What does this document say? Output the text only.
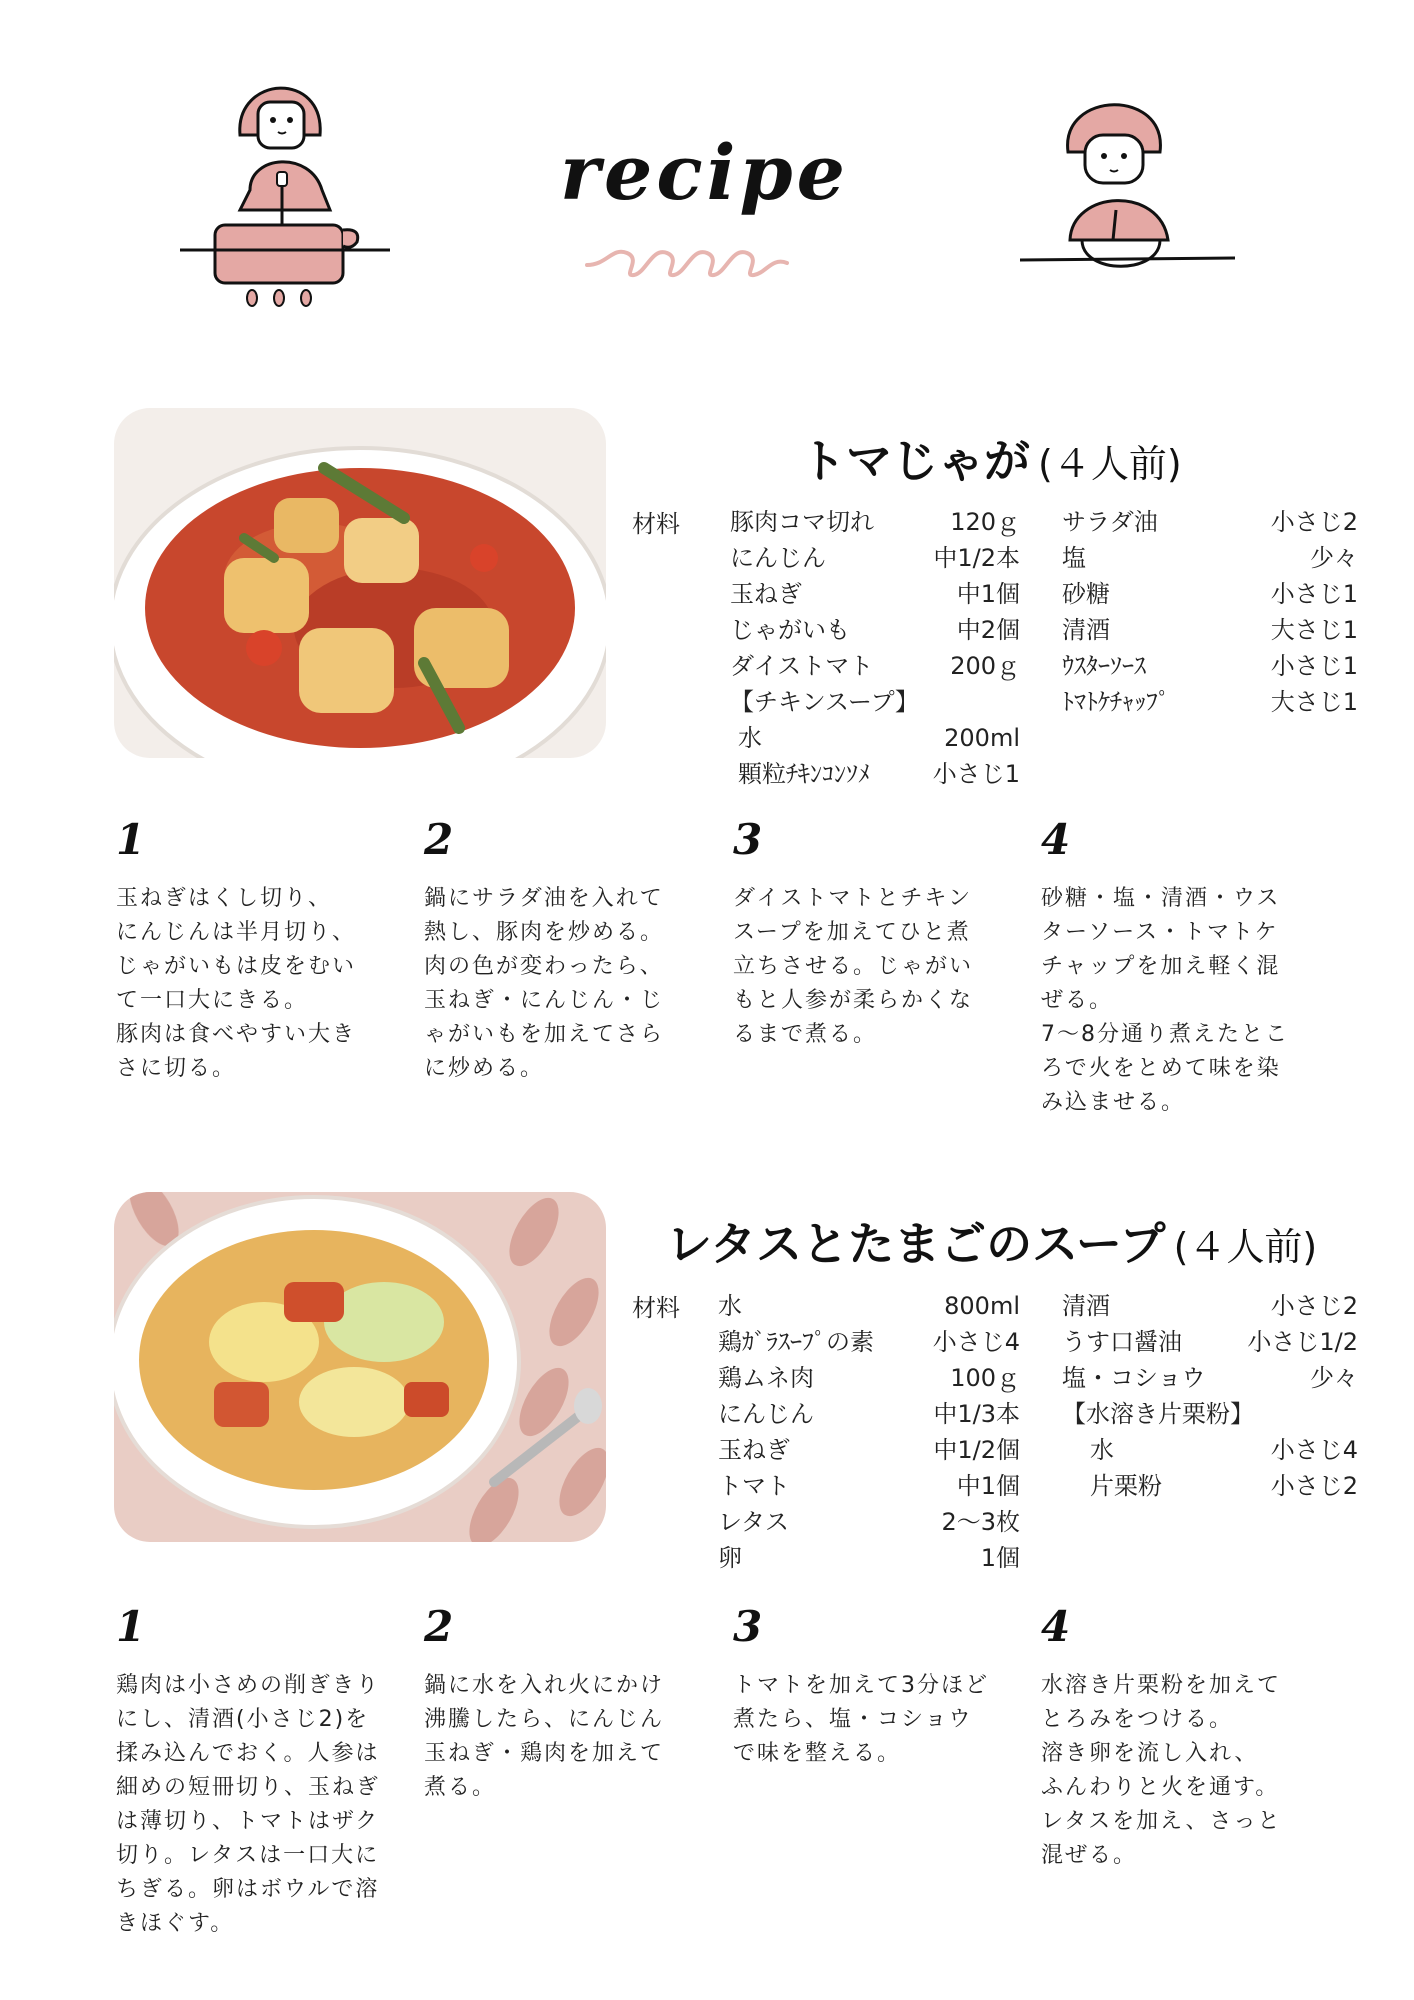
recipe
トマじゃが (４人前)
材料 豚肉コマ切れ	120ｇ
にんじん	中1/2本
玉ねぎ	中1個
じゃがいも	中2個
ダイストマト	200ｇ
【チキンスープ】
水	200ml
顆粒ﾁｷﾝｺﾝｿﾒ	小さじ1
サラダ油	小さじ2
塩	少々
砂糖	小さじ1
清酒	大さじ1
ｳｽﾀｰｿｰｽ	小さじ1
ﾄﾏﾄｹﾁｬｯﾌﾟ	大さじ1
1
玉ねぎはくし切り、
にんじんは半月切り、
じゃがいもは皮をむい
て一口大にきる。
豚肉は食べやすい大き
さに切る。
2
鍋にサラダ油を入れて
熱し、豚肉を炒める。
肉の色が変わったら、
玉ねぎ・にんじん・じ
ゃがいもを加えてさら
に炒める。
3
ダイストマトとチキン
スープを加えてひと煮
立ちさせる。じゃがい
もと人参が柔らかくな
るまで煮る。
4
砂糖・塩・清酒・ウス
ターソース・トマトケ
チャップを加え軽く混
ぜる。
7〜8分通り煮えたとこ
ろで火をとめて味を染
み込ませる。
レタスとたまごのスープ (４人前)
材料 水	800ml
鶏ｶﾞﾗｽｰﾌﾟの素 小さじ4
鶏ムネ肉	100ｇ
にんじん	中1/3本
玉ねぎ	中1/2個
トマト	中1個
レタス	2〜3枚
卵	1個
清酒	小さじ2
うす口醤油	小さじ1/2
塩・コショウ	少々
【水溶き片栗粉】
水	小さじ4
片栗粉	小さじ2
1
鶏肉は小さめの削ぎきり
にし、清酒(小さじ2)を
揉み込んでおく。人参は
細めの短冊切り、玉ねぎ
は薄切り、トマトはザク
切り。レタスは一口大に
ちぎる。卵はボウルで溶
きほぐす。
2
鍋に水を入れ火にかけ
沸騰したら、にんじん
玉ねぎ・鶏肉を加えて
煮る。
3
トマトを加えて3分ほど
煮たら、塩・コショウ
で味を整える。
4
水溶き片栗粉を加えて
とろみをつける。
溶き卵を流し入れ、
ふんわりと火を通す。
レタスを加え、さっと
混ぜる。
